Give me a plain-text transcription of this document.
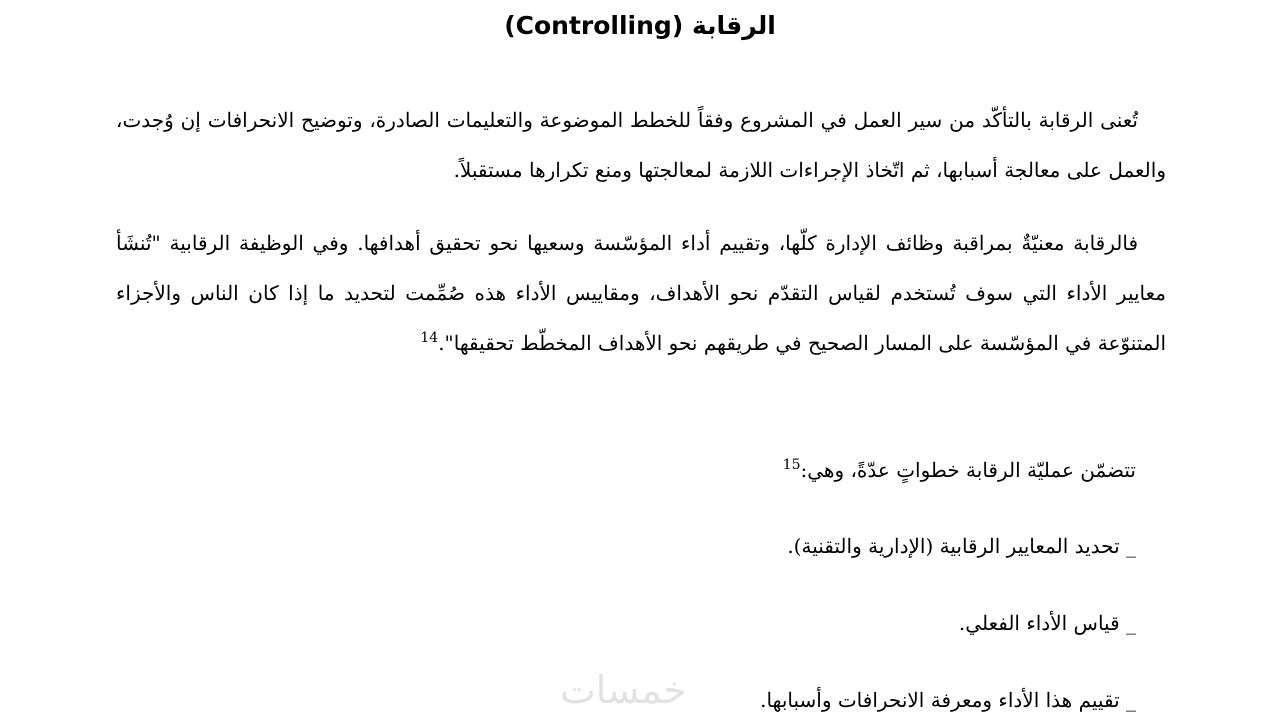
الرقابة (Controlling)

تُعنى الرقابة بالتأكّد من سير العمل في المشروع وفقاً للخطط الموضوعة والتعليمات الصادرة، وتوضيح الانحرافات إن وُجدت، والعمل على معالجة أسبابها، ثم اتّخاذ الإجراءات اللازمة لمعالجتها ومنع تكرارها مستقبلاً.

فالرقابة معنيّةٌ بمراقبة وظائف الإدارة كلّها، وتقييم أداء المؤسّسة وسعيها نحو تحقيق أهدافها. وفي الوظيفة الرقابية "تُنشَأ معايير الأداء التي سوف تُستخدم لقياس التقدّم نحو الأهداف، ومقاييس الأداء هذه صُمِّمت لتحديد ما إذا كان الناس والأجزاء المتنوّعة في المؤسّسة على المسار الصحيح في طريقهم نحو الأهداف المخطّط تحقيقها".$^{14}$

تتضمّن عمليّة الرقابة خطواتٍ عدّةً، وهي:$^{15}$

_ تحديد المعايير الرقابية (الإدارية والتقنية).

_ قياس الأداء الفعلي.

_ تقييم هذا الأداء ومعرفة الانحرافات وأسبابها.

خمسات
